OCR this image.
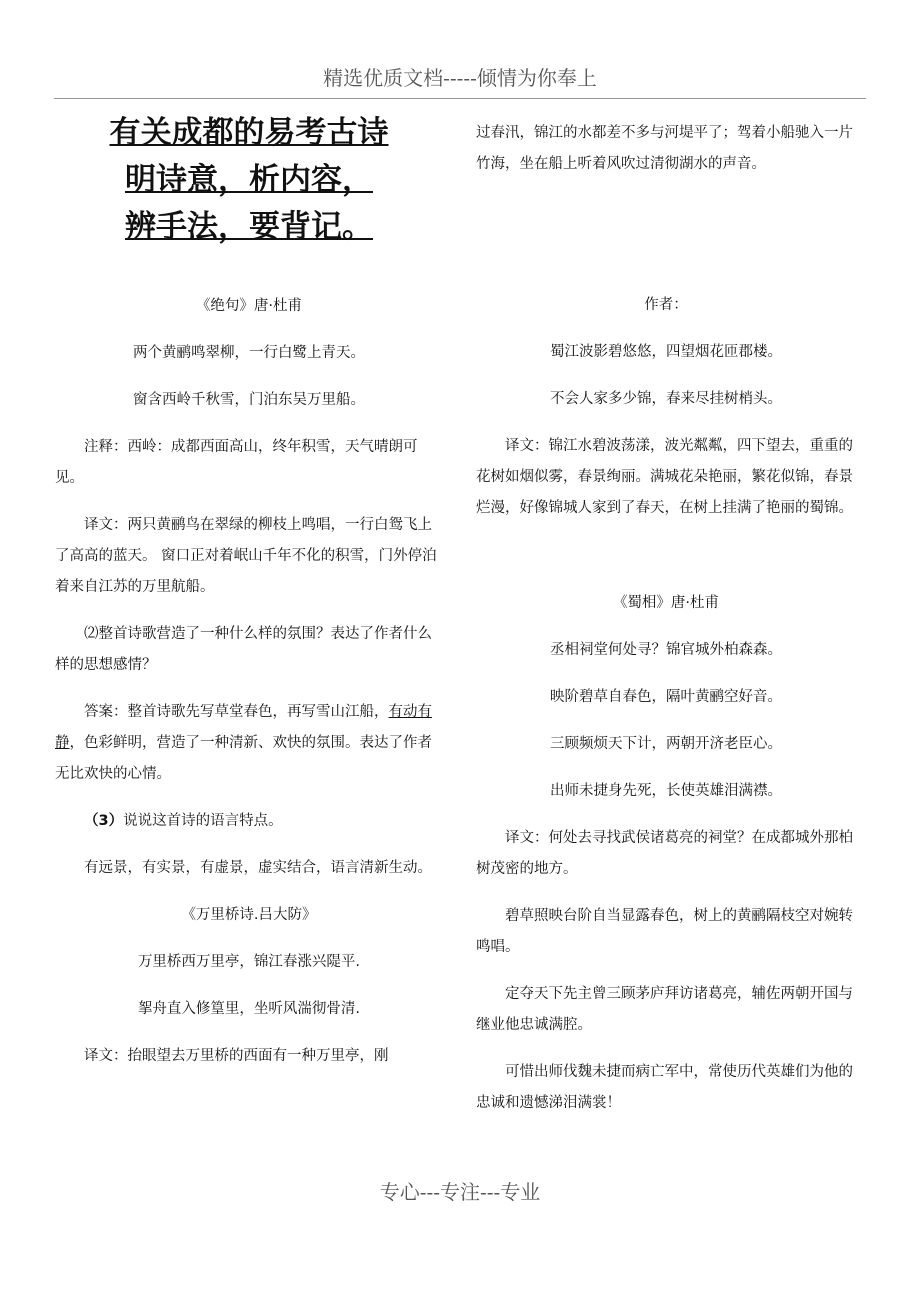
精选优质文档-----倾情为你奉上
有关成都的易考古诗
明诗意，析内容，
辨手法，要背记。

《绝句》唐·杜甫

两个黄鹂鸣翠柳，一行白鹭上青天。

窗含西岭千秋雪，门泊东吴万里船。

注释：西岭：成都西面高山，终年积雪，天气晴朗可见。

译文：两只黄鹂鸟在翠绿的柳枝上鸣唱，一行白鸳飞上了高高的蓝天。 窗口正对着岷山千年不化的积雪，门外停泊着来自江苏的万里航船。

⑵整首诗歌营造了一种什么样的氛围？表达了作者什么样的思想感情？

答案：整首诗歌先写草堂春色，再写雪山江船，有动有静，色彩鲜明，营造了一种清新、欢快的氛围。表达了作者无比欢快的心情。

（3）说说这首诗的语言特点。

有远景，有实景，有虚景，虚实结合，语言清新生动。

《万里桥诗.吕大防》

万里桥西万里亭，锦江春涨兴隄平.

挐舟直入修篁里，坐听风湍彻骨清.

译文：抬眼望去万里桥的西面有一种万里亭，刚

过春汛，锦江的水都差不多与河堤平了；驾着小船驰入一片竹海，坐在船上听着风吹过清彻湖水的声音。

作者：

蜀江波影碧悠悠，四望烟花匝郡楼。

不会人家多少锦，春来尽挂树梢头。

译文：锦江水碧波荡漾，波光粼粼，四下望去，重重的花树如烟似雾，春景绚丽。满城花朵艳丽，繁花似锦，春景烂漫，好像锦城人家到了春天，在树上挂满了艳丽的蜀锦。

《蜀相》唐·杜甫

丞相祠堂何处寻？锦官城外柏森森。

映阶碧草自春色，隔叶黄鹂空好音。

三顾频烦天下计，两朝开济老臣心。

出师未捷身先死，长使英雄泪满襟。

译文：何处去寻找武侯诸葛亮的祠堂？在成都城外那柏树茂密的地方。

碧草照映台阶自当显露春色，树上的黄鹂隔枝空对婉转鸣唱。

定夺天下先主曾三顾茅庐拜访诸葛亮，辅佐两朝开国与继业他忠诚满腔。

可惜出师伐魏未捷而病亡军中，常使历代英雄们为他的忠诚和遗憾涕泪满裳！

专心---专注---专业
